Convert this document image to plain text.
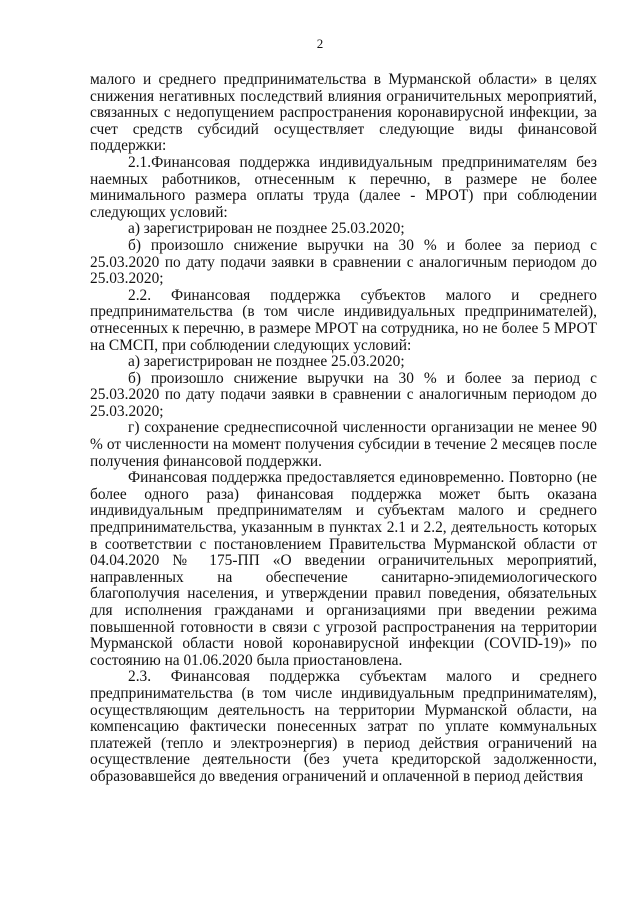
2

малого и среднего предпринимательства в Мурманской области» в целях снижения негативных последствий влияния ограничительных мероприятий, связанных с недопущением распространения коронавирусной инфекции, за счет средств субсидий осуществляет следующие виды финансовой поддержки:

2.1.Финансовая поддержка индивидуальным предпринимателям без наемных работников, отнесенным к перечню, в размере не более минимального размера оплаты труда (далее - МРОТ) при соблюдении следующих условий:

а) зарегистрирован не позднее 25.03.2020;

б) произошло снижение выручки на 30 % и более за период с 25.03.2020 по дату подачи заявки в сравнении с аналогичным периодом до 25.03.2020;

2.2. Финансовая поддержка субъектов малого и среднего предпринимательства (в том числе индивидуальных предпринимателей), отнесенных к перечню, в размере МРОТ на сотрудника, но не более 5 МРОТ на СМСП, при соблюдении следующих условий:

а) зарегистрирован не позднее 25.03.2020;

б) произошло снижение выручки на 30 % и более за период с 25.03.2020 по дату подачи заявки в сравнении с аналогичным периодом до 25.03.2020;

г) сохранение среднесписочной численности организации не менее 90 % от численности на момент получения субсидии в течение 2 месяцев после получения финансовой поддержки.

Финансовая поддержка предоставляется единовременно. Повторно (не более одного раза) финансовая поддержка может быть оказана индивидуальным предпринимателям и субъектам малого и среднего предпринимательства, указанным в пунктах 2.1 и 2.2, деятельность которых в соответствии с постановлением Правительства Мурманской области от 04.04.2020 № 175-ПП «О введении ограничительных мероприятий, направленных на обеспечение санитарно-эпидемиологического благополучия населения, и утверждении правил поведения, обязательных для исполнения гражданами и организациями при введении режима повышенной готовности в связи с угрозой распространения на территории Мурманской области новой коронавирусной инфекции (COVID-19)» по состоянию на 01.06.2020 была приостановлена.

2.3. Финансовая поддержка субъектам малого и среднего предпринимательства (в том числе индивидуальным предпринимателям), осуществляющим деятельность на территории Мурманской области, на компенсацию фактически понесенных затрат по уплате коммунальных платежей (тепло и электроэнергия) в период действия ограничений на осуществление деятельности (без учета кредиторской задолженности, образовавшейся до введения ограничений и оплаченной в период действия
